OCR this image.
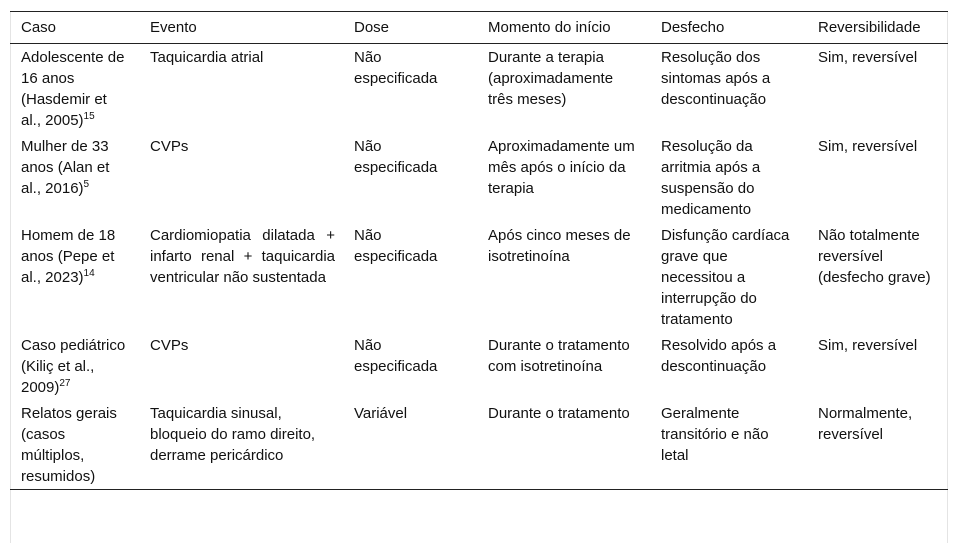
Caso	Evento	Dose	Momento do início	Desfecho	Reversibilidade
Adolescente de 16 anos (Hasdemir et al., 2005)$^{15}$	Taquicardia atrial	Não especificada	Durante a terapia (aproximadamente três meses)	Resolução dos sintomas após a descontinuação	Sim, reversível
Mulher de 33 anos (Alan et al., 2016)$^5$	CVPs	Não especificada	Aproximadamente um mês após o início da terapia	Resolução da arritmia após a suspensão do medicamento	Sim, reversível
Homem de 18 anos (Pepe et al., 2023)$^{14}$	Cardiomiopatia dilatada + infarto renal + taquicardia ventricular não sustentada	Não especificada	Após cinco meses de isotretinoína	Disfunção cardíaca grave que necessitou a interrupção do tratamento	Não totalmente reversível (desfecho grave)
Caso pediátrico (Kiliç et al., 2009)$^{27}$	CVPs	Não especificada	Durante o tratamento com isotretinoína	Resolvido após a descontinuação	Sim, reversível
Relatos gerais (casos múltiplos, resumidos)	Taquicardia sinusal, bloqueio do ramo direito, derrame pericárdico	Variável	Durante o tratamento	Geralmente transitório e não letal	Normalmente, reversível
